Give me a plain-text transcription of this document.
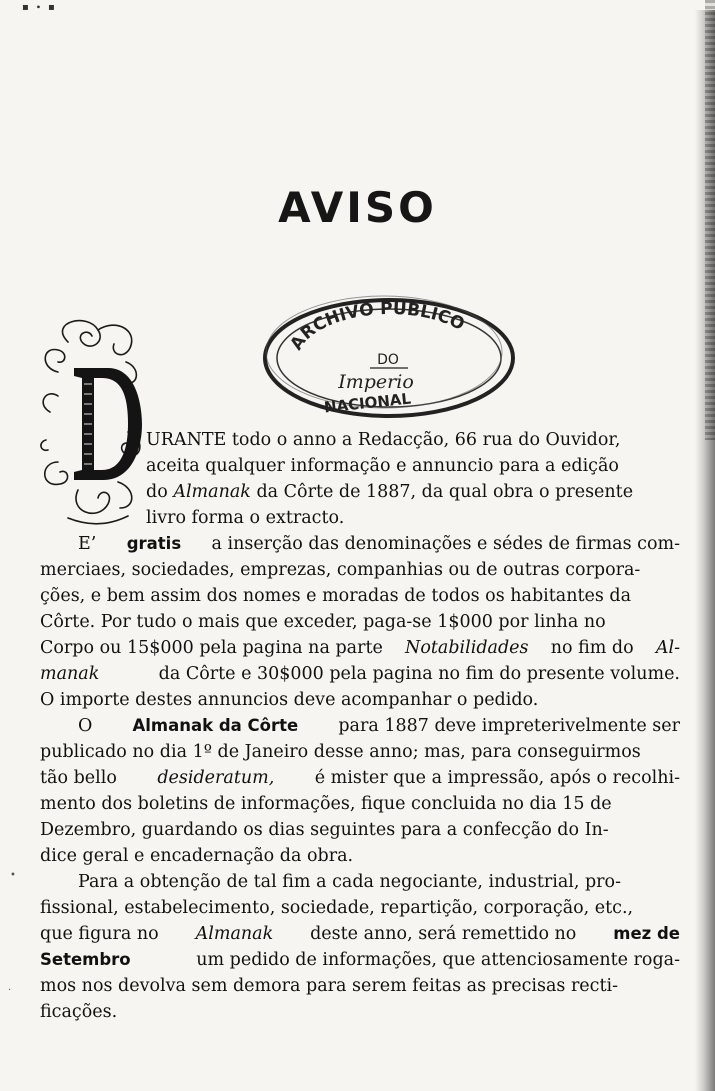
▪ ∙ ▪
AVISO
ARCHIVO PUBLICO
DO
Imperio
NACIONAL
URANTE todo o anno a Redacção, 66 rua do Ouvidor,
aceita qualquer informação e annuncio para a edição
do Almanak da Côrte de 1887, da qual obra o presente
livro forma o extracto.
E’ gratis a inserção das denominações e sédes de firmas com-
merciaes, sociedades, emprezas, companhias ou de outras corpora-
ções, e bem assim dos nomes e moradas de todos os habitantes da
Côrte. Por tudo o mais que exceder, paga-se 1$000 por linha no
Corpo ou 15$000 pela pagina na parte Notabilidades no fim do Al-
manak	da Côrte e 30$000 pela pagina no fim do presente volume.
O importe destes annuncios deve acompanhar o pedido.
O Almanak da Côrte para 1887 deve impreterivelmente ser
publicado no dia 1º de Janeiro desse anno; mas, para conseguirmos
tão bello desideratum, é mister que a impressão, após o recolhi-
mento dos boletins de informações, fique concluida no dia 15 de
Dezembro, guardando os dias seguintes para a confecção do In-
dice geral e encadernação da obra.
Para a obtenção de tal fim a cada negociante, industrial, pro-
fissional, estabelecimento, sociedade, repartição, corporação, etc.,
que figura no Almanak deste anno, será remettido no mez de
Setembro	um pedido de informações, que attenciosamente roga-
mos nos devolva sem demora para serem feitas as precisas recti-
ficações.
•
·
